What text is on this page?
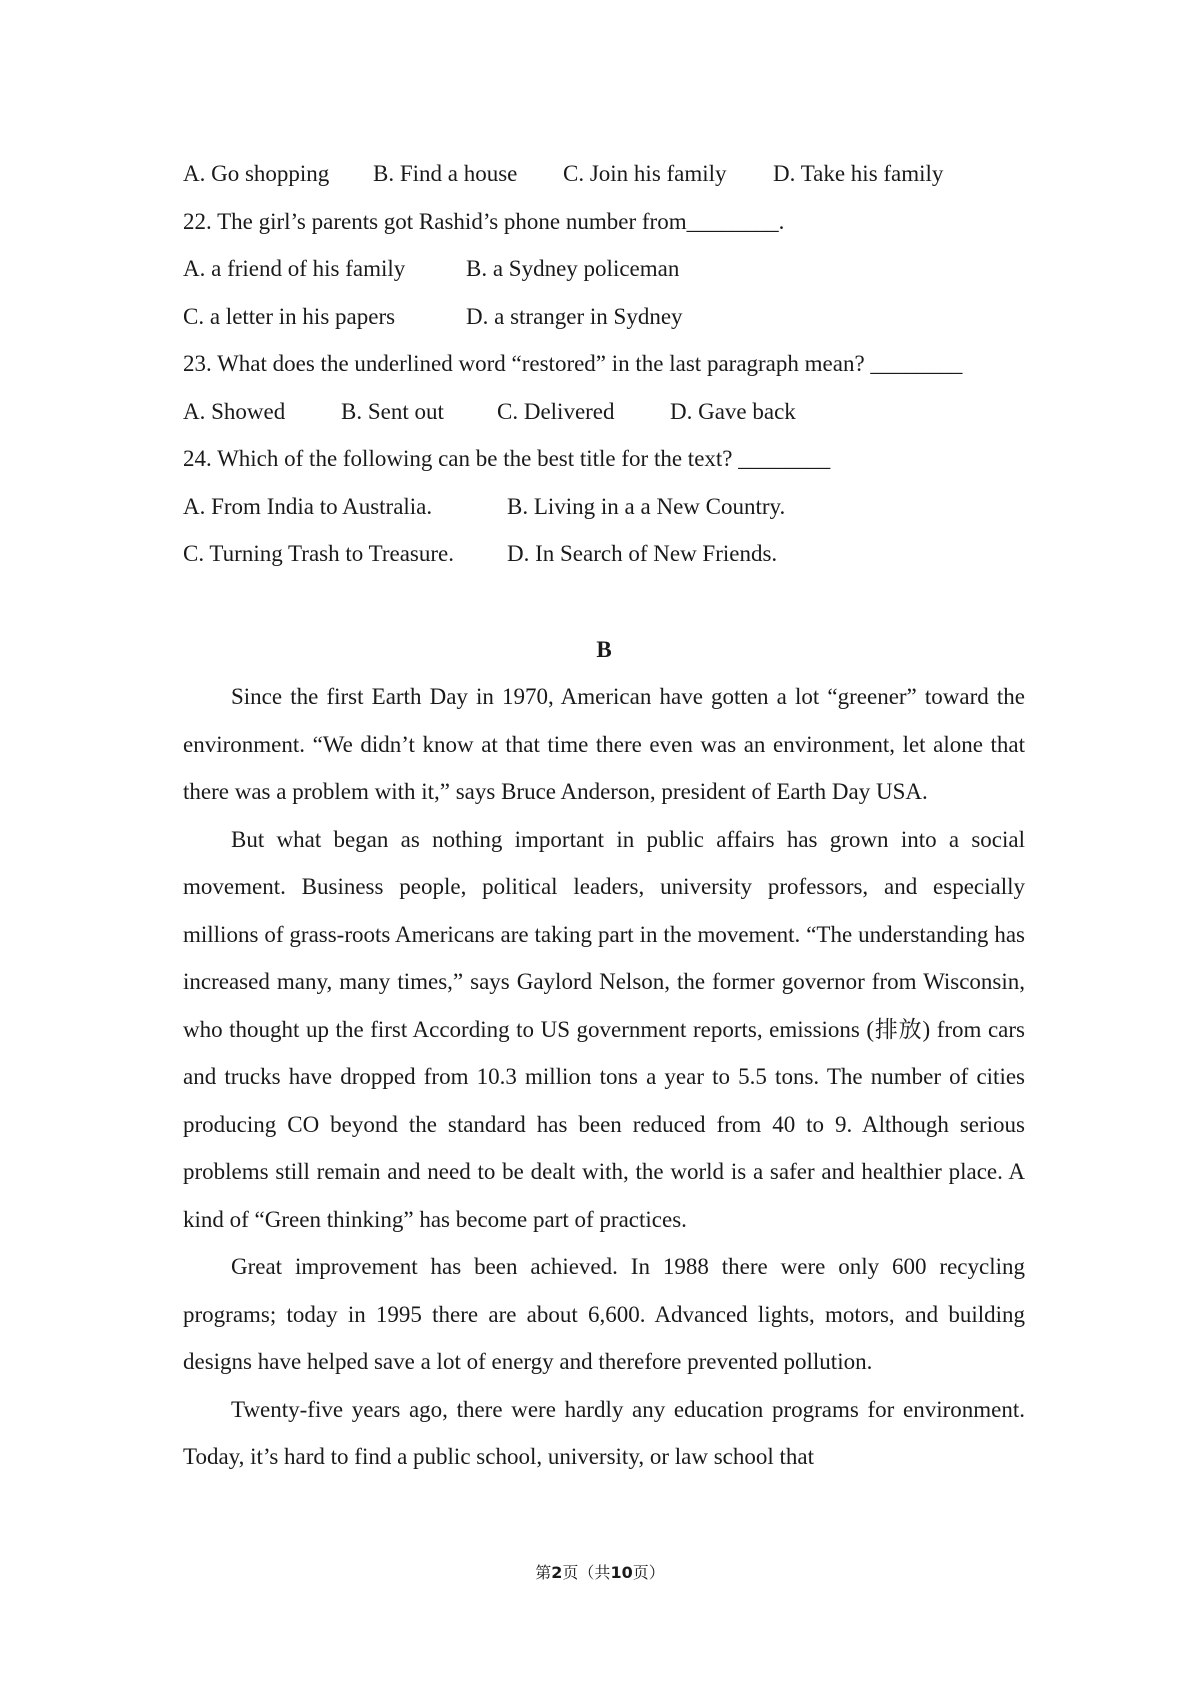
A. Go shopping B. Find a house C. Join his family D. Take his family
22. The girl’s parents got Rashid’s phone number from________.
A. a friend of his family	B. a Sydney policeman
C. a letter in his papers	D. a stranger in Sydney
23. What does the underlined word “restored” in the last paragraph mean? ________
A. Showed B. Sent out C. Delivered D. Gave back
24. Which of the following can be the best title for the text? ________
A. From India to Australia.	B. Living in a a New Country.
C. Turning Trash to Treasure. D. In Search of New Friends.
B

Since the first Earth Day in 1970, American have gotten a lot “greener” toward the environment. “We didn’t know at that time there even was an environment, let alone that there was a problem with it,” says Bruce Anderson, president of Earth Day USA.

But what began as nothing important in public affairs has grown into a social movement. Business people, political leaders, university professors, and especially millions of grass-roots Americans are taking part in the movement. “The understanding has increased many, many times,” says Gaylord Nelson, the former governor from Wisconsin, who thought up the first According to US government reports, emissions (排放) from cars and trucks have dropped from 10.3 million tons a year to 5.5 tons. The number of cities producing CO beyond the standard has been reduced from 40 to 9. Although serious problems still remain and need to be dealt with, the world is a safer and healthier place. A kind of “Green thinking” has become part of practices.

Great improvement has been achieved. In 1988 there were only 600 recycling programs; today in 1995 there are about 6,600. Advanced lights, motors, and building designs have helped save a lot of energy and therefore prevented pollution.

Twenty-five years ago, there were hardly any education programs for environment. Today, it’s hard to find a public school, university, or law school that

第2页（共10页）
